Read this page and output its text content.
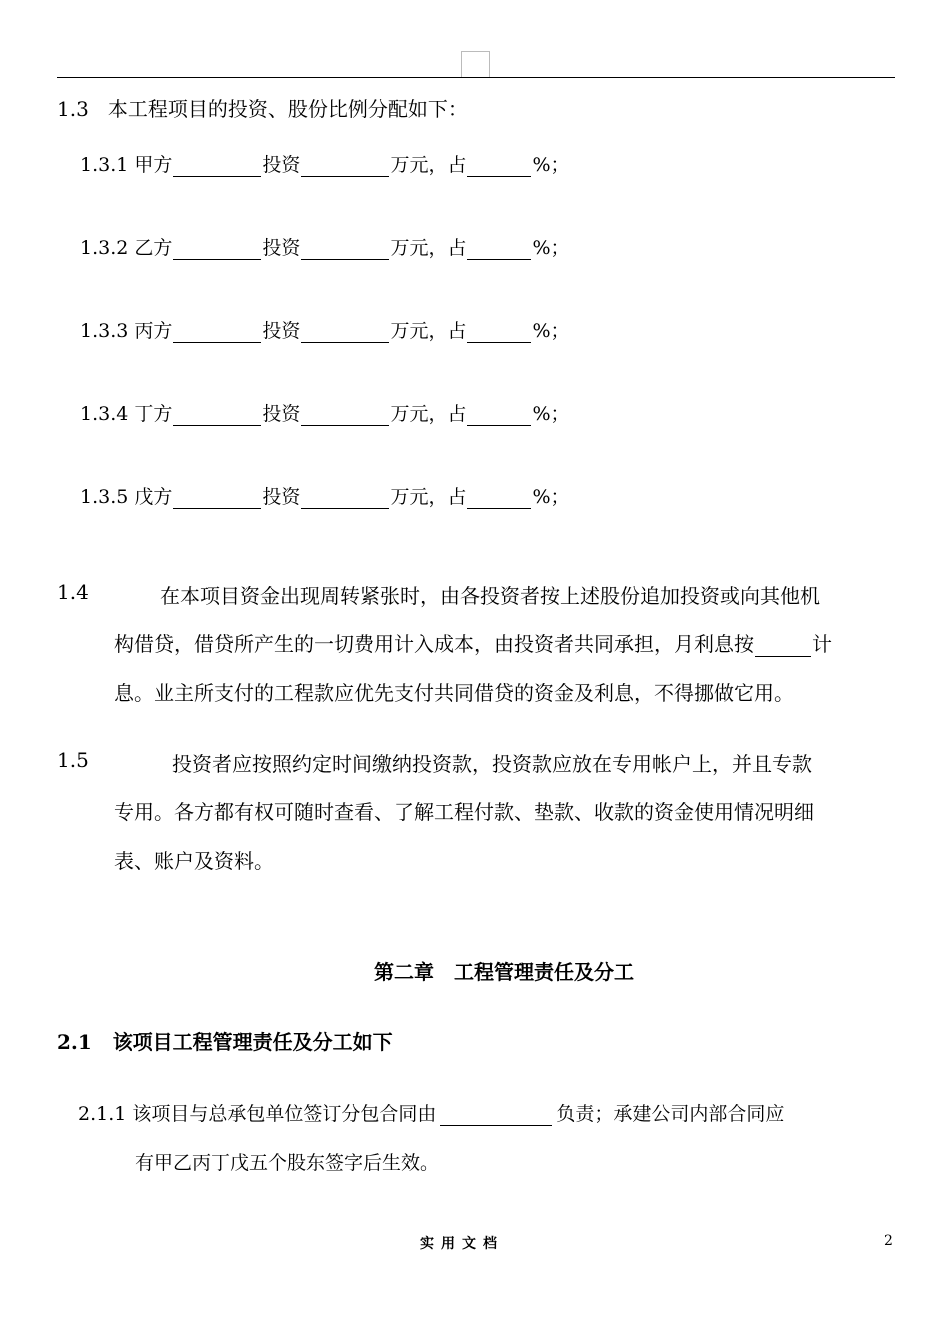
1.3 本工程项目的投资、股份比例分配如下：
1.3.1 甲方	投资	万元，占	%；
1.3.2 乙方	投资	万元，占	%；
1.3.3 丙方	投资	万元，占	%；
1.3.4 丁方	投资	万元，占	%；
1.3.5 戊方	投资	万元，占	%；
1.4	在本项目资金出现周转紧张时，由各投资者按上述股份追加投资或向其他机
构借贷，借贷所产生的一切费用计入成本，由投资者共同承担，月利息按	计
息。业主所支付的工程款应优先支付共同借贷的资金及利息，不得挪做它用。
1.5	投资者应按照约定时间缴纳投资款，投资款应放在专用帐户上，并且专款
专用。各方都有权可随时查看、了解工程付款、垫款、收款的资金使用情况明细
表、账户及资料。
第二章　工程管理责任及分工
2.1 该项目工程管理责任及分工如下
2.1.1 该项目与总承包单位签订分包合同由	负责；承建公司内部合同应
有甲乙丙丁戊五个股东签字后生效。
实用文档	2
